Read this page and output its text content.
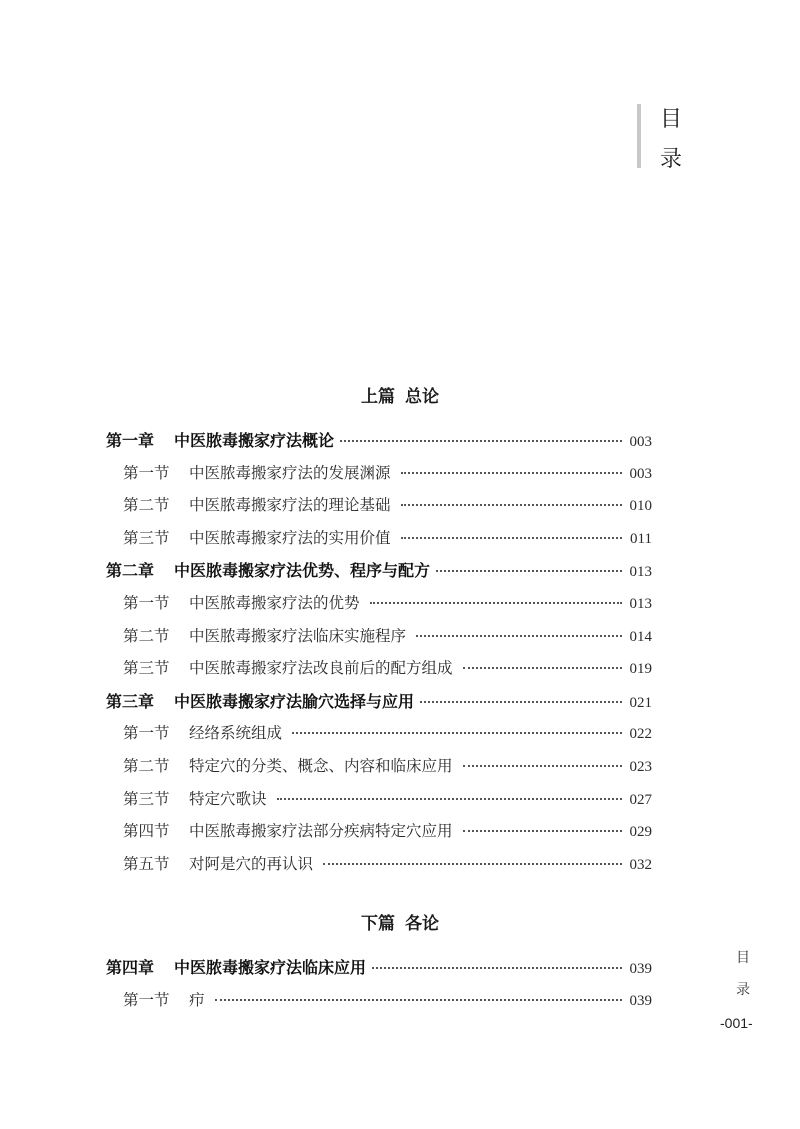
目
录
上篇 总论
第一章	中医脓毒搬家疗法概论	003
第一节	中医脓毒搬家疗法的发展渊源	003
第二节	中医脓毒搬家疗法的理论基础	010
第三节	中医脓毒搬家疗法的实用价值	011
第二章	中医脓毒搬家疗法优势、程序与配方	013
第一节	中医脓毒搬家疗法的优势	013
第二节	中医脓毒搬家疗法临床实施程序	014
第三节	中医脓毒搬家疗法改良前后的配方组成	019
第三章	中医脓毒搬家疗法腧穴选择与应用	021
第一节	经络系统组成	022
第二节	特定穴的分类、概念、内容和临床应用	023
第三节	特定穴歌诀	027
第四节	中医脓毒搬家疗法部分疾病特定穴应用	029
第五节	对阿是穴的再认识	032
下篇 各论
第四章	中医脓毒搬家疗法临床应用	039
第一节	疖	039
目
录
-001-
